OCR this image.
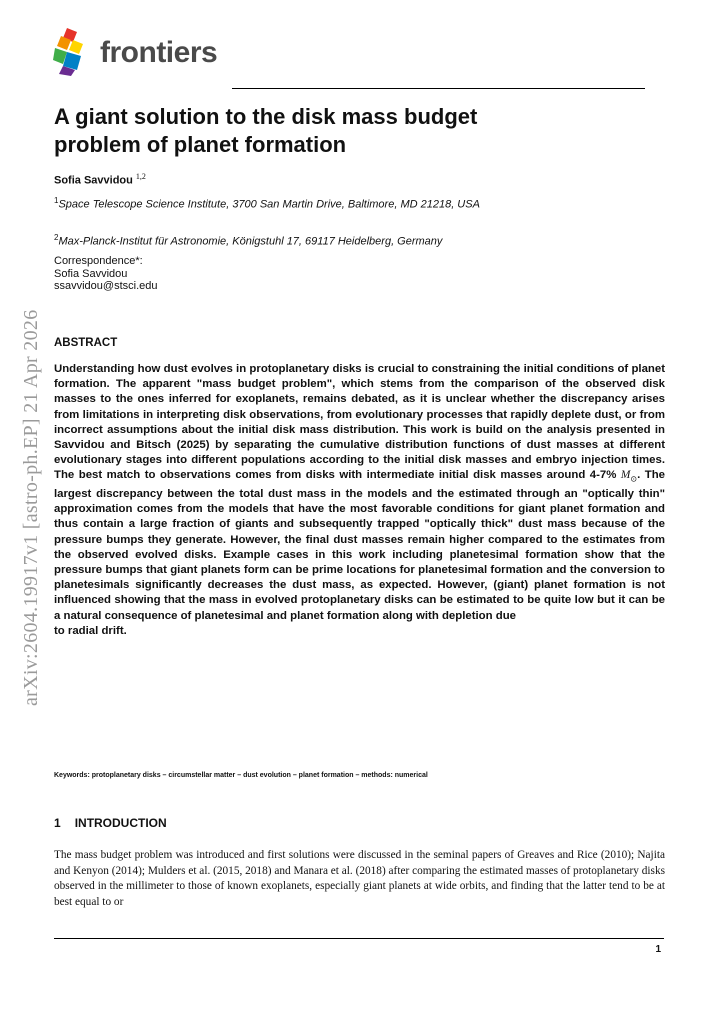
frontiers
arXiv:2604.19917v1 [astro-ph.EP] 21 Apr 2026
A giant solution to the disk mass budget
problem of planet formation
Sofia Savvidou $^{1,2}$
$^1$Space Telescope Science Institute, 3700 San Martin Drive, Baltimore, MD 21218, USA
$^2$Max-Planck-Institut für Astronomie, Königstuhl 17, 69117 Heidelberg, Germany
Correspondence*:
Sofia Savvidou
ssavvidou@stsci.edu
ABSTRACT

Understanding how dust evolves in protoplanetary disks is crucial to constraining the initial conditions of planet formation. The apparent "mass budget problem", which stems from the comparison of the observed disk masses to the ones inferred for exoplanets, remains debated, as it is unclear whether the discrepancy arises from limitations in interpreting disk observations, from evolutionary processes that rapidly deplete dust, or from incorrect assumptions about the initial disk mass distribution. This work is build on the analysis presented in Savvidou and Bitsch (2025) by separating the cumulative distribution functions of dust masses at different evolutionary stages into different populations according to the initial disk masses and embryo injection times. The best match to observations comes from disks with intermediate initial disk masses around 4-7% $M_⊙$. The largest discrepancy between the total dust mass in the models and the estimated through an "optically thin" approximation comes from the models that have the most favorable conditions for giant planet formation and thus contain a large fraction of giants and subsequently trapped "optically thick" dust mass because of the pressure bumps they generate. However, the final dust masses remain higher compared to the estimates from the observed evolved disks. Example cases in this work including planetesimal formation show that the pressure bumps that giant planets form can be prime locations for planetesimal formation and the conversion to planetesimals significantly decreases the dust mass, as expected. However, (giant) planet formation is not influenced showing that the mass in evolved protoplanetary disks can be estimated to be quite low but it can be a natural consequence of planetesimal and planet formation along with depletion due
to radial drift.

Keywords: protoplanetary disks – circumstellar matter – dust evolution – planet formation – methods: numerical
1 INTRODUCTION

The mass budget problem was introduced and first solutions were discussed in the seminal papers of Greaves and Rice (2010); Najita and Kenyon (2014); Mulders et al. (2015, 2018) and Manara et al. (2018) after comparing the estimated masses of protoplanetary disks observed in the millimeter to those of known exoplanets, especially giant planets at wide orbits, and finding that the latter tend to be at best equal to or

1
